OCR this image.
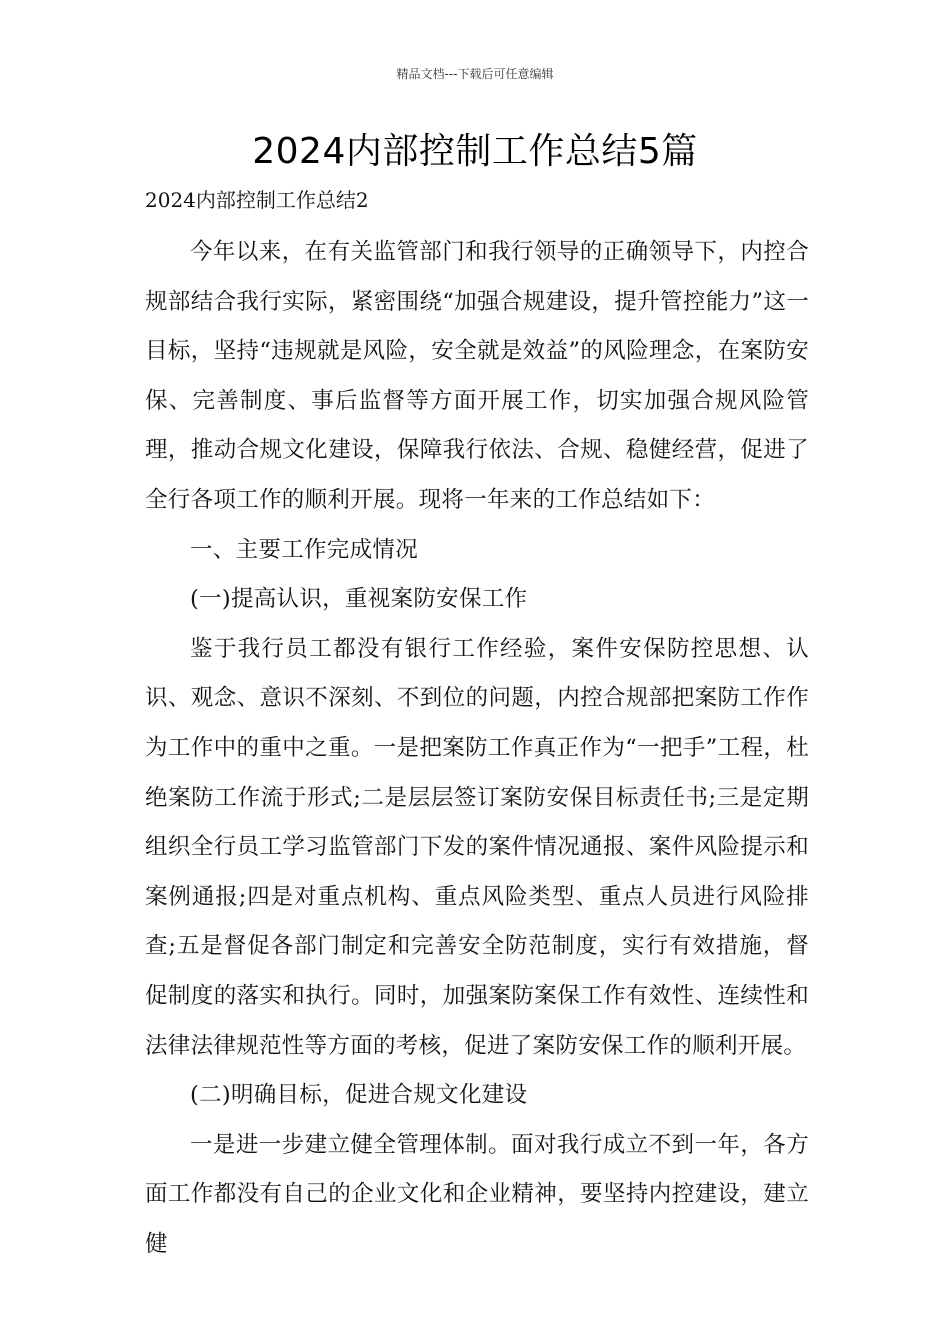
精品文档---下载后可任意编辑
2024内部控制工作总结5篇
2024内部控制工作总结2

今年以来，在有关监管部门和我行领导的正确领导下，内控合规部结合我行实际，紧密围绕“加强合规建设，提升管控能力”这一目标，坚持“违规就是风险，安全就是效益”的风险理念，在案防安保、完善制度、事后监督等方面开展工作，切实加强合规风险管理，推动合规文化建设，保障我行依法、合规、稳健经营，促进了全行各项工作的顺利开展。现将一年来的工作总结如下：

一、主要工作完成情况

(一)提高认识，重视案防安保工作

鉴于我行员工都没有银行工作经验，案件安保防控思想、认识、观念、意识不深刻、不到位的问题，内控合规部把案防工作作为工作中的重中之重。一是把案防工作真正作为“一把手”工程，杜绝案防工作流于形式;二是层层签订案防安保目标责任书;三是定期组织全行员工学习监管部门下发的案件情况通报、案件风险提示和案例通报;四是对重点机构、重点风险类型、重点人员进行风险排查;五是督促各部门制定和完善安全防范制度，实行有效措施，督促制度的落实和执行。同时，加强案防案保工作有效性、连续性和法律法律规范性等方面的考核，促进了案防安保工作的顺利开展。

(二)明确目标，促进合规文化建设

一是进一步建立健全管理体制。面对我行成立不到一年，各方面工作都没有自己的企业文化和企业精神，要坚持内控建设，建立健
